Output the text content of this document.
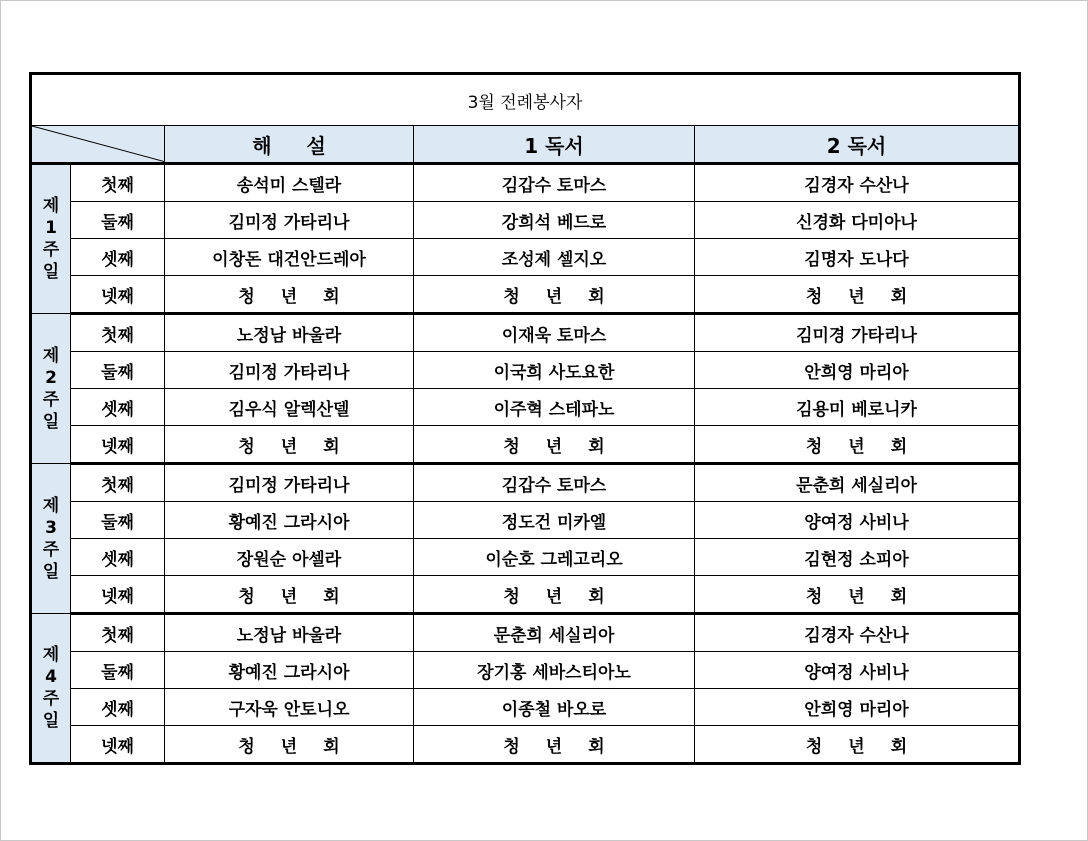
3월 전례봉사자				

	해 설	1 독서	2 독서

제
1
주
일	첫째	송석미 스텔라	김갑수 토마스	김경자 수산나
	둘째	김미정 가타리나	강희석 베드로	신경화 다미아나
	셋째	이창돈 대건안드레아	조성제 셀지오	김명자 도나다
	넷째	청년회	청년회	청년회

제
2
주
일	첫째	노정남 바울라	이재욱 토마스	김미경 가타리나
	둘째	김미정 가타리나	이국희 사도요한	안희영 마리아
	셋째	김우식 알렉산델	이주혁 스테파노	김용미 베로니카
	넷째	청년회	청년회	청년회

제
3
주
일	첫째	김미정 가타리나	김갑수 토마스	문춘희 세실리아
	둘째	황예진 그라시아	정도건 미카엘	양여정 사비나
	셋째	장원순 아셀라	이순호 그레고리오	김현정 소피아
	넷째	청년회	청년회	청년회

제
4
주
일	첫째	노정남 바울라	문춘희 세실리아	김경자 수산나
	둘째	황예진 그라시아	장기홍 세바스티아노	양여정 사비나
	셋째	구자욱 안토니오	이종철 바오로	안희영 마리아
	넷째	청년회	청년회	청년회
